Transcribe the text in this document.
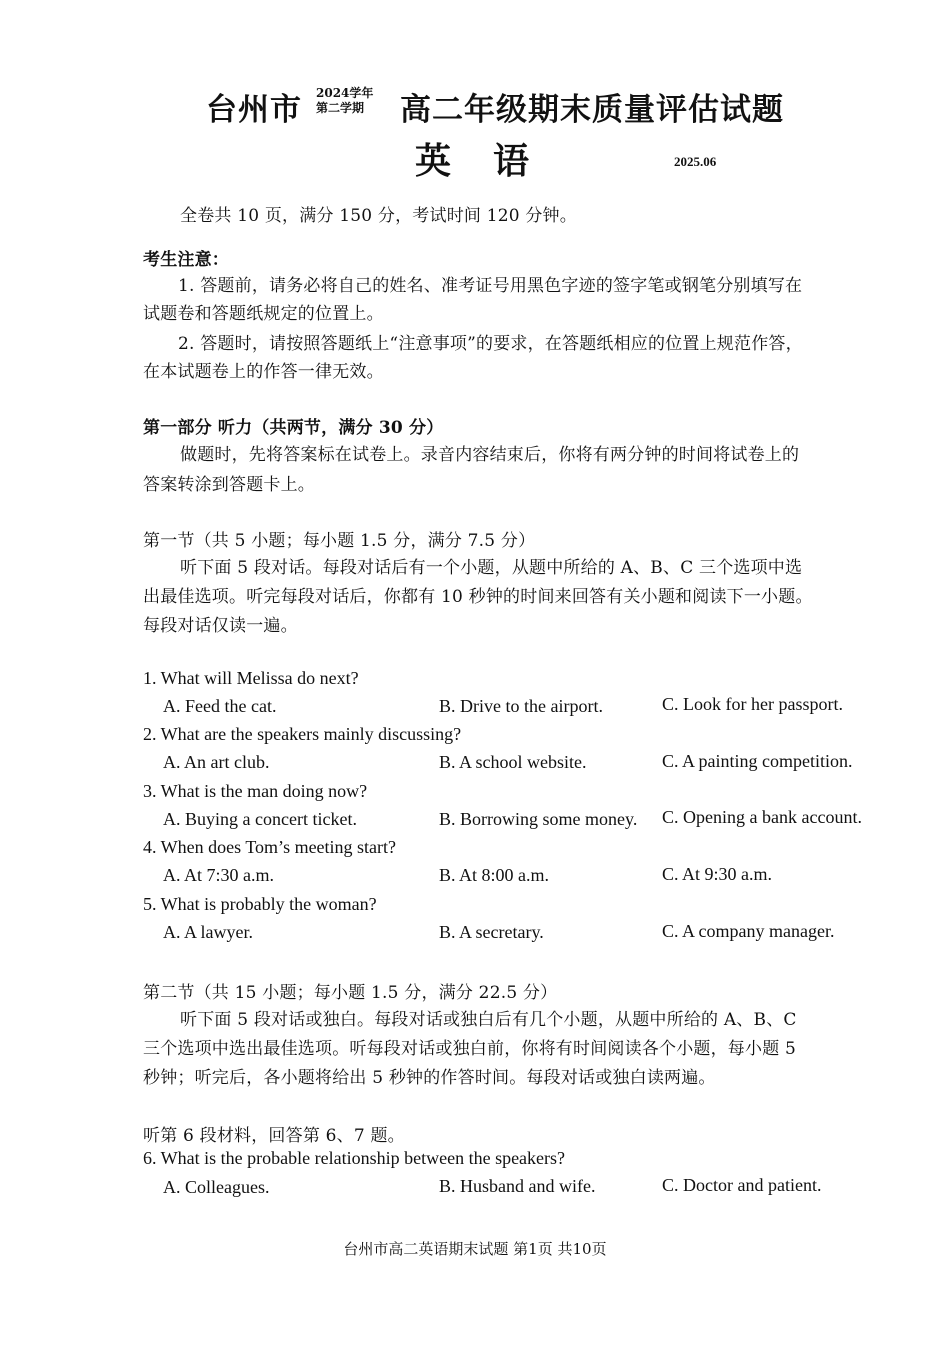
台州市 2024学年
第二学期	高二年级期末质量评估试题
英语	2025.06
全卷共 10 页，满分 150 分，考试时间 120 分钟。
考生注意：
1. 答题前，请务必将自己的姓名、准考证号用黑色字迹的签字笔或钢笔分别填写在
试题卷和答题纸规定的位置上。
2. 答题时，请按照答题纸上“注意事项”的要求，在答题纸相应的位置上规范作答，
在本试题卷上的作答一律无效。
第一部分 听力（共两节，满分 30 分）
做题时，先将答案标在试卷上。录音内容结束后，你将有两分钟的时间将试卷上的
答案转涂到答题卡上。
第一节（共 5 小题；每小题 1.5 分，满分 7.5 分）
听下面 5 段对话。每段对话后有一个小题，从题中所给的 A、B、C 三个选项中选
出最佳选项。听完每段对话后，你都有 10 秒钟的时间来回答有关小题和阅读下一小题。
每段对话仅读一遍。
1. What will Melissa do next?
A. Feed the cat.	B. Drive to the airport.	C. Look for her passport.
2. What are the speakers mainly discussing?
A. An art club.	B. A school website.	C. A painting competition.
3. What is the man doing now?
A. Buying a concert ticket.	B. Borrowing some money. C. Opening a bank account.
4. When does Tom’s meeting start?
A. At 7:30 a.m.	B. At 8:00 a.m.	C. At 9:30 a.m.
5. What is probably the woman?
A. A lawyer.	B. A secretary.	C. A company manager.
第二节（共 15 小题；每小题 1.5 分，满分 22.5 分）
听下面 5 段对话或独白。每段对话或独白后有几个小题，从题中所给的 A、B、C
三个选项中选出最佳选项。听每段对话或独白前，你将有时间阅读各个小题，每小题 5
秒钟；听完后，各小题将给出 5 秒钟的作答时间。每段对话或独白读两遍。
听第 6 段材料，回答第 6、7 题。
6. What is the probable relationship between the speakers?
A. Colleagues.	B. Husband and wife.	C. Doctor and patient.
台州市高二英语期末试题 第1页 共10页
